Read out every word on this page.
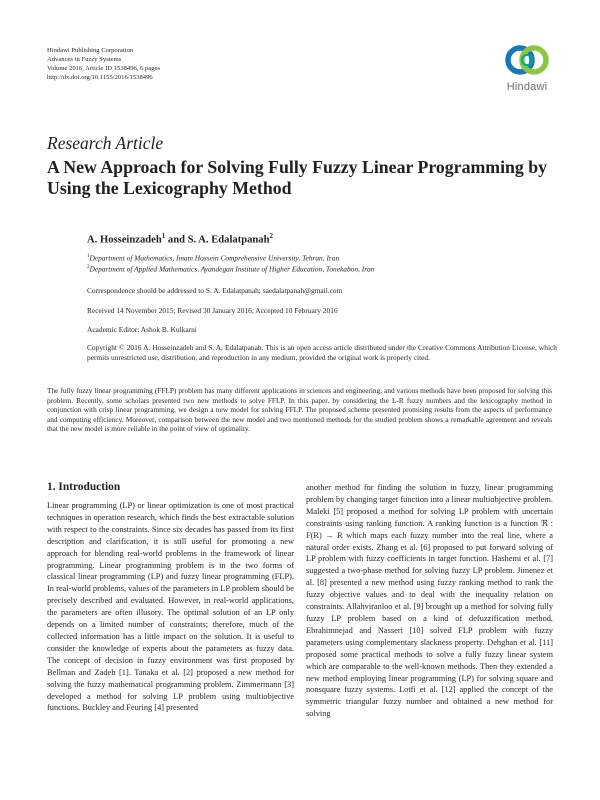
Hindawi Publishing Corporation
Advances in Fuzzy Systems
Volume 2016, Article ID 1538496, 6 pages
http://dx.doi.org/10.1155/2016/1538496
Hindawi
Research Article
A New Approach for Solving Fully Fuzzy Linear Programming by Using the Lexicography Method
A. Hosseinzadeh$^1$ and S. A. Edalatpanah$^2$
$^1$Department of Mathematics, Imam Hossein Comprehensive University, Tehran, Iran
$^2$Department of Applied Mathematics, Ayandegan Institute of Higher Education, Tonekabon, Iran
Correspondence should be addressed to S. A. Edalatpanah; saedalatpanah@gmail.com
Received 14 November 2015; Revised 30 January 2016; Accepted 10 February 2016
Academic Editor: Ashok B. Kulkarni
Copyright © 2016 A. Hosseinzadeh and S. A. Edalatpanah. This is an open access article distributed under the Creative Commons Attribution License, which permits unrestricted use, distribution, and reproduction in any medium, provided the original work is properly cited.
The fully fuzzy linear programming (FFLP) problem has many different applications in sciences and engineering, and various methods have been proposed for solving this problem. Recently, some scholars presented two new methods to solve FFLP. In this paper, by considering the L-R fuzzy numbers and the lexicography method in conjunction with crisp linear programming, we design a new model for solving FFLP. The proposed scheme presented promising results from the aspects of performance and computing efficiency. Moreover, comparison between the new model and two mentioned methods for the studied problem shows a remarkable agreement and reveals that the new model is more reliable in the point of view of optimality.
1. Introduction
Linear programming (LP) or linear optimization is one of most practical techniques in operation research, which finds the best extractable solution with respect to the constraints. Since six decades has passed from its first description and clarification, it is still useful for promoting a new approach for blending real-world problems in the framework of linear programming. Linear programming problem is in the two forms of classical linear programming (LP) and fuzzy linear programming (FLP). In real-world problems, values of the parameters in LP problem should be precisely described and evaluated. However, in real-world applications, the parameters are often illusory. The optimal solution of an LP only depends on a limited number of constraints; therefore, much of the collected information has a little impact on the solution. It is useful to consider the knowledge of experts about the parameters as fuzzy data. The concept of decision in fuzzy environment was first proposed by Bellman and Zadeh [1]. Tanaka et al. [2] proposed a new method for solving the fuzzy mathematical programming problem. Zimmermann [3] developed a method for solving LP problem using multiobjective functions. Buckley and Feuring [4] presented
another method for finding the solution in fuzzy, linear programming problem by changing target function into a linear multiobjective problem. Maleki [5] proposed a method for solving LP problem with uncertain constraints using ranking function. A ranking function is a function ℜ : F(R) → R which maps each fuzzy number into the real line, where a natural order exists. Zhang et al. [6] proposed to put forward solving of LP problem with fuzzy coefficients in target function. Hashemi et al. [7] suggested a two-phase method for solving fuzzy LP problem. Jimenez et al. [8] presented a new method using fuzzy ranking method to rank the fuzzy objective values and to deal with the inequality relation on constraints. Allahviranloo et al. [9] brought up a method for solving fully fuzzy LP problem based on a kind of defuzzification method. Ebrahimnejad and Nasseri [10] solved FLP problem with fuzzy parameters using complementary slackness property. Dehghan et al. [11] proposed some practical methods to solve a fully fuzzy linear system which are comparable to the well-known methods. Then they extended a new method employing linear programming (LP) for solving square and nonsquare fuzzy systems. Lotfi et al. [12] applied the concept of the symmetric triangular fuzzy number and obtained a new method for solving
